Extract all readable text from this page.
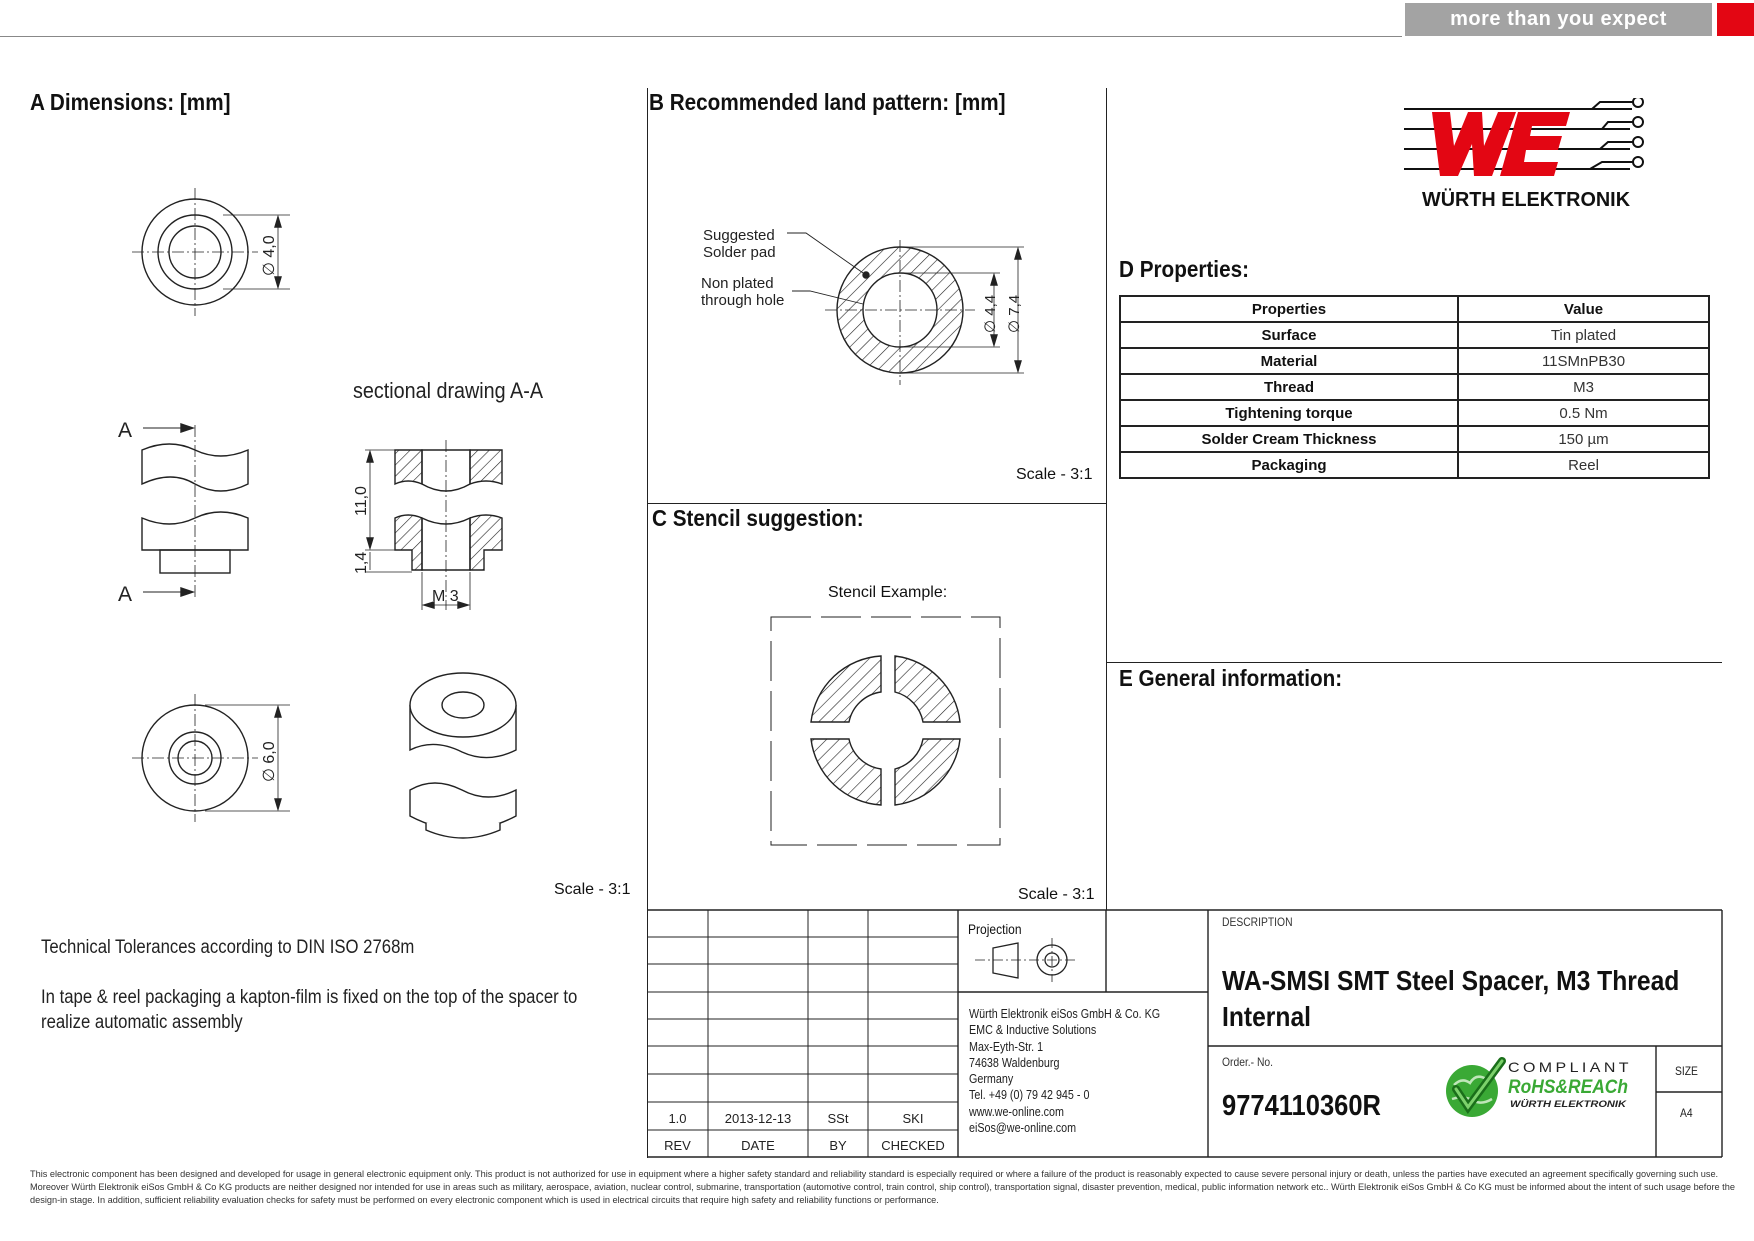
more than you expect
A Dimensions: [mm]	B Recommended land pattern: [mm]
C Stencil suggestion:
D Properties:
E General information:
WÜRTH ELEKTRONIK
∅ 4,0
A
A
sectional drawing A-A
11,0
1,4
M 3
∅ 6,0
Scale - 3:1
Suggested
Solder pad
Non plated
through hole	∅ 4,4 ∅ 7,4
Scale - 3:1
Stencil Example:
Scale - 3:1
Properties	Value
Surface	Tin plated
Material	11SMnPB30
Thread	M3
Tightening torque	0.5 Nm
Solder Cream Thickness	150 µm
Packaging	Reel
Technical Tolerances according to DIN ISO 2768m
In tape & reel packaging a kapton-film is fixed on the top of the spacer to realize automatic assembly
1.0	2013-12-13	SSt	SKI
REV	DATE	BY	CHECKED
Projection
Würth Elektronik eiSos GmbH & Co. KG
EMC & Inductive Solutions
Max-Eyth-Str. 1
74638 Waldenburg
Germany
Tel. +49 (0) 79 42 945 - 0
www.we-online.com
eiSos@we-online.com
DESCRIPTION
WA-SMSI SMT Steel Spacer, M3 Thread
Internal
Order.- No.
9774110360R
COMPLIANT
RoHS&REACh
WÜRTH ELEKTRONIK
SIZE
A4
This electronic component has been designed and developed for usage in general electronic equipment only. This product is not authorized for use in equipment where a higher safety standard and reliability standard is especially required or where a failure of the product is reasonably expected to cause severe personal injury or death, unless the parties have executed an agreement specifically governing such use. Moreover Würth Elektronik eiSos GmbH & Co KG products are neither designed nor intended for use in areas such as military, aerospace, aviation, nuclear control, submarine, transportation (automotive control, train control, ship control), transportation signal, disaster prevention, medical, public information network etc.. Würth Elektronik eiSos GmbH & Co KG must be informed about the intent of such usage before the design-in stage. In addition, sufficient reliability evaluation checks for safety must be performed on every electronic component which is used in electrical circuits that require high safety and reliability functions or performance.
